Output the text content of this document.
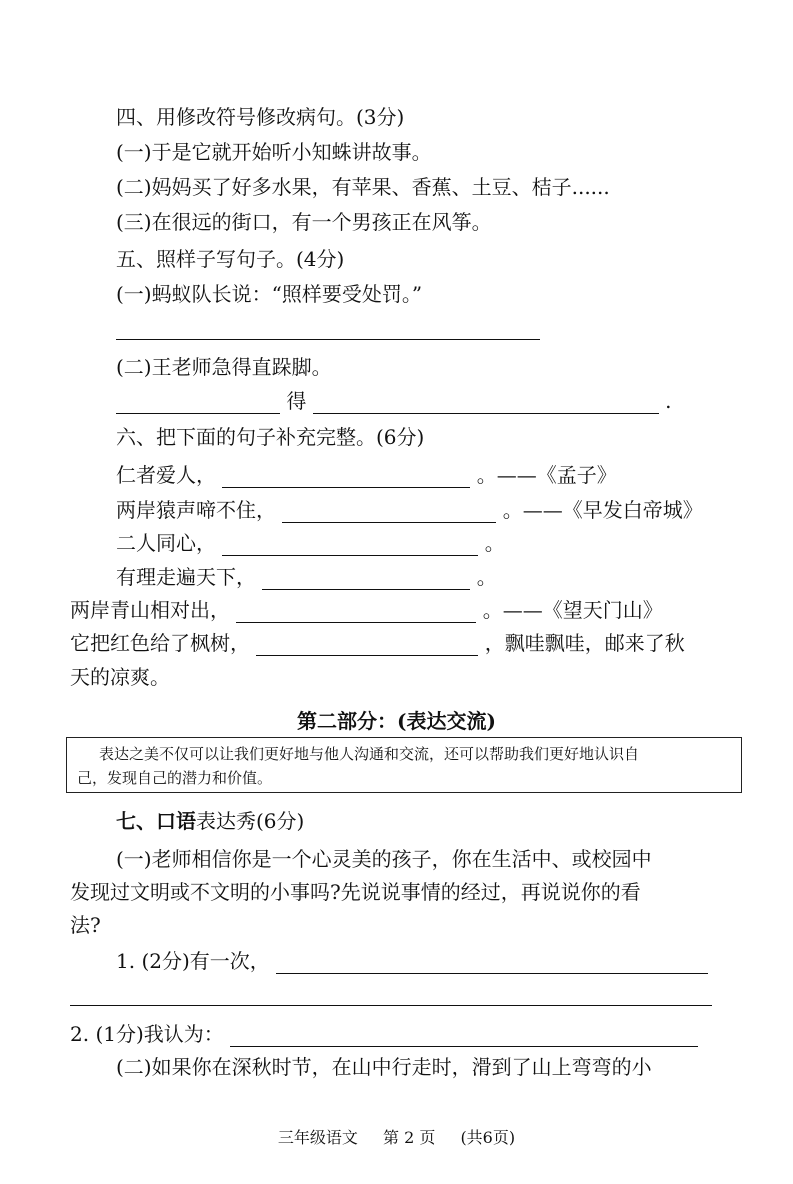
四、用修改符号修改病句。(3分)
(一)于是它就开始听小知蛛讲故事。
(二)妈妈买了好多水果，有苹果、香蕉、土豆、桔子......
(三)在很远的街口，有一个男孩正在风筝。
五、照样子写句子。(4分)
(一)蚂蚁队长说：“照样要受处罚。”
(二)王老师急得直跺脚。
得	.
六、把下面的句子补充完整。(6分)
仁者爱人，	。——《孟子》
两岸猿声啼不住，	。——《早发白帝城》
二人同心，	。
有理走遍天下，	。
两岸青山相对出，	。——《望天门山》
它把红色给了枫树，	，飘哇飘哇，邮来了秋
天的凉爽。
第二部分：(表达交流)
表达之美不仅可以让我们更好地与他人沟通和交流，还可以帮助我们更好地认识自
己，发现自己的潜力和价值。
七、口语表达秀(6分)
(一)老师相信你是一个心灵美的孩子，你在生活中、或校园中
发现过文明或不文明的小事吗?先说说事情的经过，再说说你的看
法?
1. (2分)有一次，
2. (1分)我认为：
(二)如果你在深秋时节，在山中行走时，滑到了山上弯弯的小
三年级语文 第 2 页 (共6页)
